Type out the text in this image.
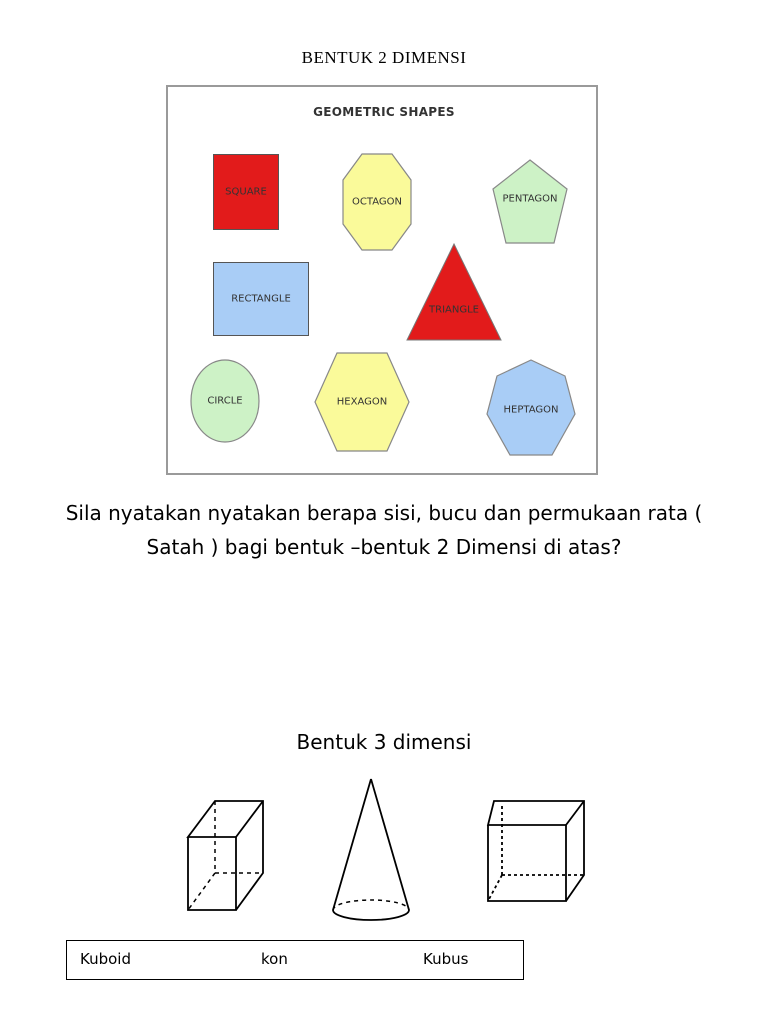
BENTUK 2 DIMENSI
GEOMETRIC SHAPES
SQUARE
OCTAGON	PENTAGON
RECTANGLE
TRIANGLE
CIRCLE	HEXAGON
HEPTAGON
Sila nyatakan nyatakan berapa sisi, bucu dan permukaan rata (
Satah ) bagi bentuk –bentuk 2 Dimensi di atas?
Bentuk 3 dimensi
Kuboid	kon	Kubus
